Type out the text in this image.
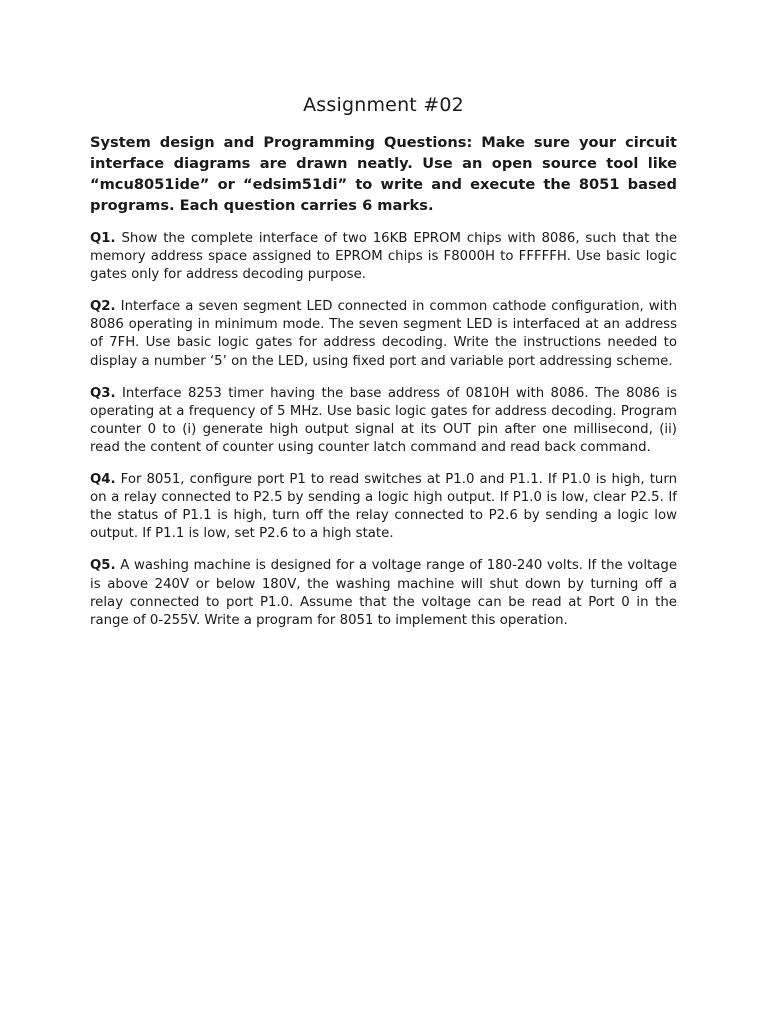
Assignment #02

System design and Programming Questions: Make sure your circuit interface diagrams are drawn neatly. Use an open source tool like “mcu8051ide” or “edsim51di” to write and execute the 8051 based programs. Each question carries 6 marks.

Q1. Show the complete interface of two 16KB EPROM chips with 8086, such that the memory address space assigned to EPROM chips is F8000H to FFFFFH. Use basic logic gates only for address decoding purpose.

Q2. Interface a seven segment LED connected in common cathode configuration, with 8086 operating in minimum mode. The seven segment LED is interfaced at an address of 7FH. Use basic logic gates for address decoding. Write the instructions needed to display a number ‘5’ on the LED, using fixed port and variable port addressing scheme.

Q3. Interface 8253 timer having the base address of 0810H with 8086. The 8086 is operating at a frequency of 5 MHz. Use basic logic gates for address decoding. Program counter 0 to (i) generate high output signal at its OUT pin after one millisecond, (ii) read the content of counter using counter latch command and read back command.

Q4. For 8051, configure port P1 to read switches at P1.0 and P1.1. If P1.0 is high, turn on a relay connected to P2.5 by sending a logic high output. If P1.0 is low, clear P2.5. If the status of P1.1 is high, turn off the relay connected to P2.6 by sending a logic low output. If P1.1 is low, set P2.6 to a high state.

Q5. A washing machine is designed for a voltage range of 180-240 volts. If the voltage is above 240V or below 180V, the washing machine will shut down by turning off a relay connected to port P1.0. Assume that the voltage can be read at Port 0 in the range of 0-255V. Write a program for 8051 to implement this operation.
